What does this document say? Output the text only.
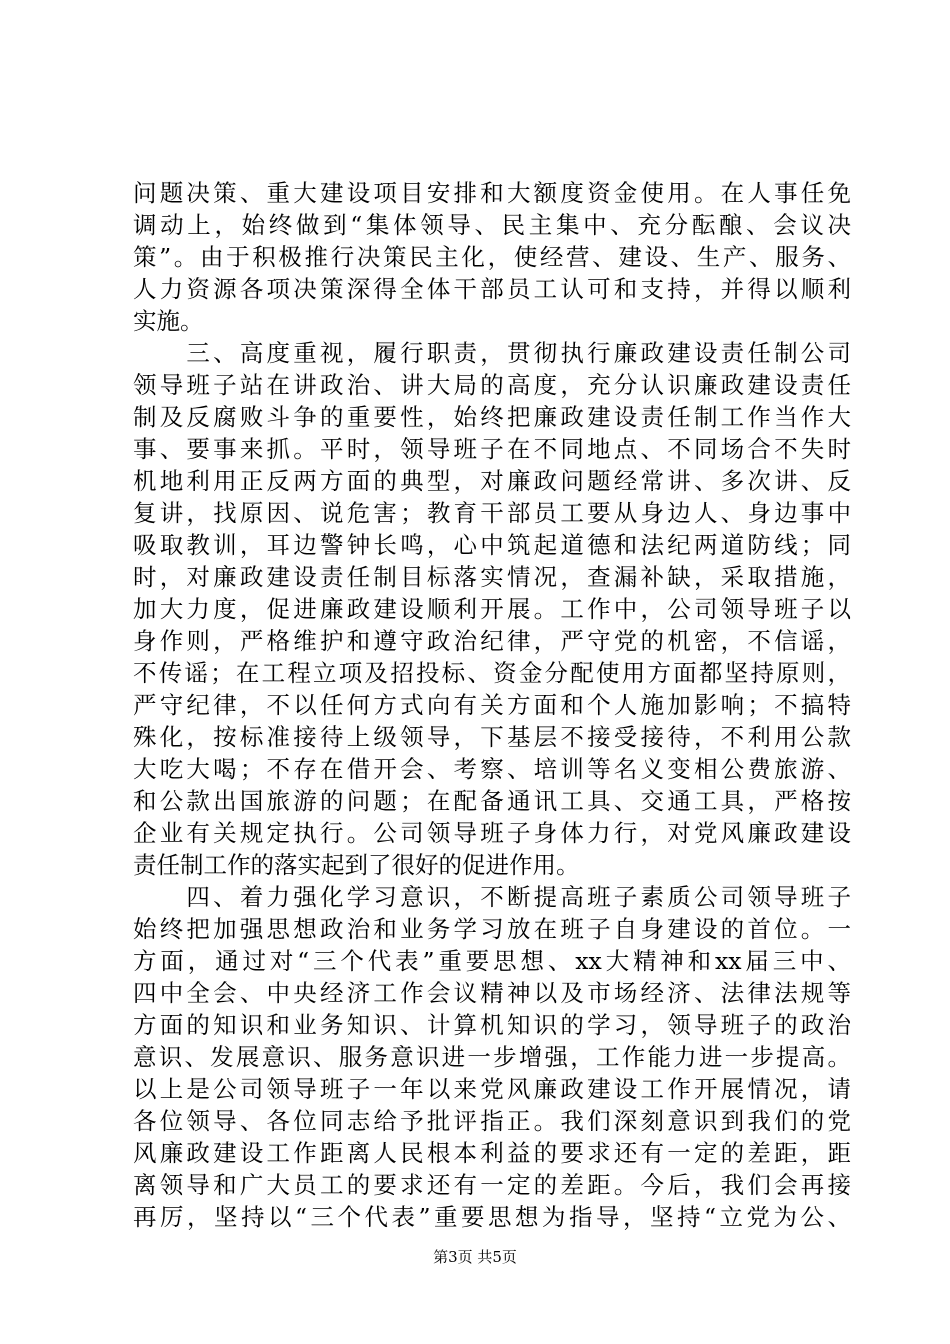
问题决策、重大建设项目安排和大额度资金使用。在人事任免
调动上，始终做到“集体领导、民主集中、充分酝酿、会议决
策”。由于积极推行决策民主化，使经营、建设、生产、服务、
人力资源各项决策深得全体干部员工认可和支持，并得以顺利
实施。
　　三、高度重视，履行职责，贯彻执行廉政建设责任制公司
领导班子站在讲政治、讲大局的高度，充分认识廉政建设责任
制及反腐败斗争的重要性，始终把廉政建设责任制工作当作大
事、要事来抓。平时，领导班子在不同地点、不同场合不失时
机地利用正反两方面的典型，对廉政问题经常讲、多次讲、反
复讲，找原因、说危害；教育干部员工要从身边人、身边事中
吸取教训，耳边警钟长鸣，心中筑起道德和法纪两道防线；同
时，对廉政建设责任制目标落实情况，查漏补缺，采取措施，
加大力度，促进廉政建设顺利开展。工作中，公司领导班子以
身作则，严格维护和遵守政治纪律，严守党的机密，不信谣，
不传谣；在工程立项及招投标、资金分配使用方面都坚持原则，
严守纪律，不以任何方式向有关方面和个人施加影响；不搞特
殊化，按标准接待上级领导，下基层不接受接待，不利用公款
大吃大喝；不存在借开会、考察、培训等名义变相公费旅游、
和公款出国旅游的问题；在配备通讯工具、交通工具，严格按
企业有关规定执行。公司领导班子身体力行，对党风廉政建设
责任制工作的落实起到了很好的促进作用。
　　四、着力强化学习意识，不断提高班子素质公司领导班子
始终把加强思想政治和业务学习放在班子自身建设的首位。一
方面，通过对“三个代表”重要思想、xx大精神和xx届三中、
四中全会、中央经济工作会议精神以及市场经济、法律法规等
方面的知识和业务知识、计算机知识的学习，领导班子的政治
意识、发展意识、服务意识进一步增强，工作能力进一步提高。
以上是公司领导班子一年以来党风廉政建设工作开展情况，请
各位领导、各位同志给予批评指正。我们深刻意识到我们的党
风廉政建设工作距离人民根本利益的要求还有一定的差距，距
离领导和广大员工的要求还有一定的差距。今后，我们会再接
再厉，坚持以“三个代表”重要思想为指导，坚持“立党为公、
第3页 共5页
